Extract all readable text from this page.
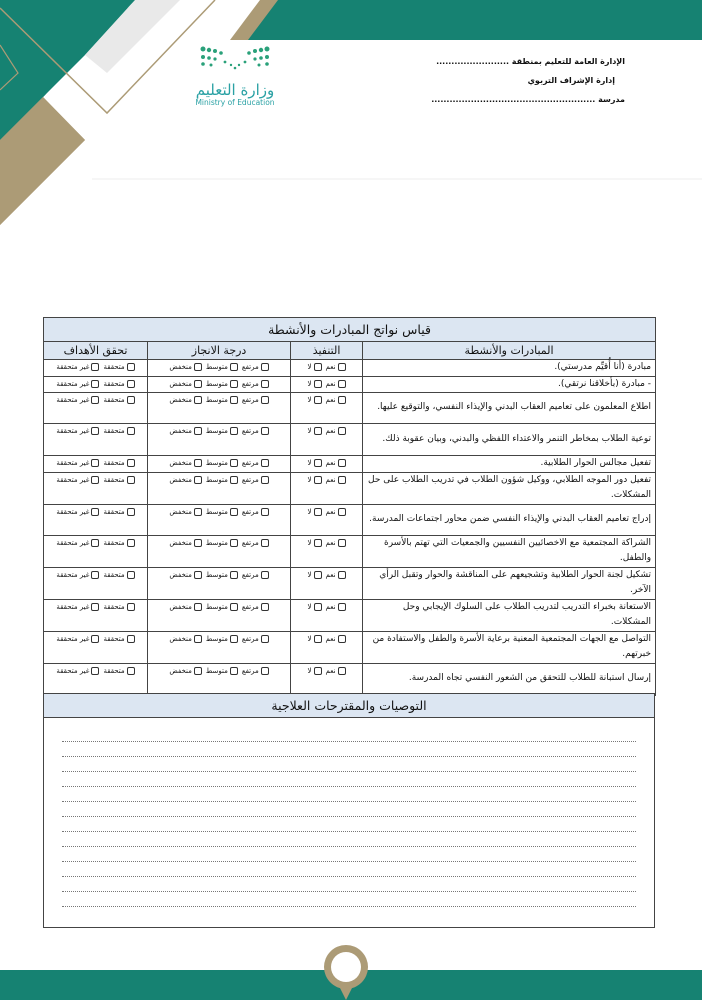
وزارة التعليم
Ministry of Education
الإدارة العامة للتعليم بمنطقة ........................
إدارة الإشراف التربوي
مدرسة ......................................................
قياس نواتج المبادرات والأنشطة			
المبادرات والأنشطة	التنفيذ	درجة الانجاز	تحقق الأهداف
مبادرة (أنا أُقيِّم مدرستي).	نعملا	مرتفعمتوسطمنخفض	متحققةغير متحققة
- مبادرة (بأخلاقنا نرتقي).	نعملا	مرتفعمتوسطمنخفض	متحققةغير متحققة
اطلاع المعلمون على تعاميم العقاب البدني والإيذاء النفسي، والتوقيع عليها.	نعملا	مرتفعمتوسطمنخفض	متحققةغير متحققة
توعية الطلاب بمخاطر التنمر والاعتداء اللفظي والبدني، وبيان عقوبة ذلك.	نعملا	مرتفعمتوسطمنخفض	متحققةغير متحققة
تفعيل مجالس الحوار الطلابية.	نعملا	مرتفعمتوسطمنخفض	متحققةغير متحققة
تفعيل دور الموجه الطلابي، ووكيل شؤون الطلاب في تدريب الطلاب على حل المشكلات.	نعملا	مرتفعمتوسطمنخفض	متحققةغير متحققة
إدراج تعاميم العقاب البدني والإيذاء النفسي ضمن محاور اجتماعات المدرسة.	نعملا	مرتفعمتوسطمنخفض	متحققةغير متحققة
الشراكة المجتمعية مع الاخصائيين النفسيين والجمعيات التي تهتم بالأسرة والطفل.	نعملا	مرتفعمتوسطمنخفض	متحققةغير متحققة
تشكيل لجنة الحوار الطلابية وتشجيعهم على المناقشة والحوار وتقبل الرأي الآخر.	نعملا	مرتفعمتوسطمنخفض	متحققةغير متحققة
الاستعانة بخبراء التدريب لتدريب الطلاب على السلوك الإيجابي وحل المشكلات.	نعملا	مرتفعمتوسطمنخفض	متحققةغير متحققة
التواصل مع الجهات المجتمعية المعنية برعاية الأسرة والطفل والاستفادة من خبرتهم.	نعملا	مرتفعمتوسطمنخفض	متحققةغير متحققة
إرسال استبانة للطلاب للتحقق من الشعور النفسي تجاه المدرسة.	نعملا	مرتفعمتوسطمنخفض	متحققةغير متحققة
التوصيات والمقترحات العلاجية
